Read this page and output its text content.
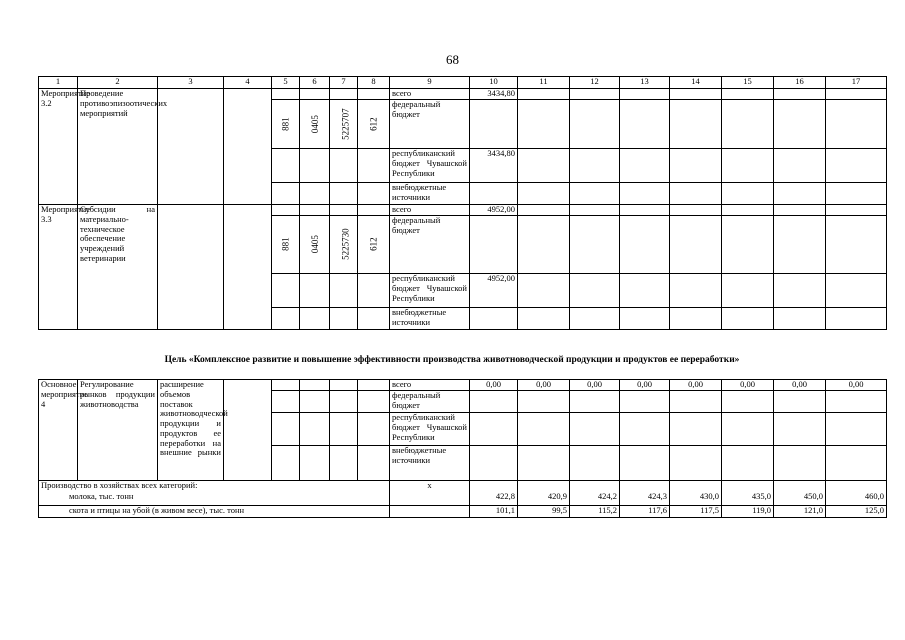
68
1	2	3	4	5	6	7	8	9	10	11	12	13	14	15	16	17
Мероприятие 3.2	Проведение противоэпизоотических мероприятий							всего	3434,80							
				881	0405	5225707	612	федеральный бюджет								
								республиканский бюджет Чувашской Республики	3434,80							
								внебюджетные источники								
Мероприятие 3.3	Субсидии на материально-техническое обеспечение учреждений ветеринарии							всего	4952,00							
				881	0405	5225730	612	федеральный бюджет								
								республиканский бюджет Чувашской Республики	4952,00							
								внебюджетные источники								
Цель «Комплексное развитие и повышение эффективности производства животноводческой продукции и продуктов ее переработки»
Основное мероприятие 4	Регулирование рынков продукции животноводства	расширение объемов поставок животноводческой продукции и продуктов ее переработки на внешние рынки						всего	0,00	0,00	0,00	0,00	0,00	0,00	0,00	0,00
								федеральный бюджет								
								республиканский бюджет Чувашской Республики								
								внебюджетные источники								
Производство в хозяйствах всех категорий:								х								
молока, тыс. тонн									422,8	420,9	424,2	424,3	430,0	435,0	450,0	460,0
скота и птицы на убой (в живом весе), тыс. тонн									101,1	99,5	115,2	117,6	117,5	119,0	121,0	125,0
